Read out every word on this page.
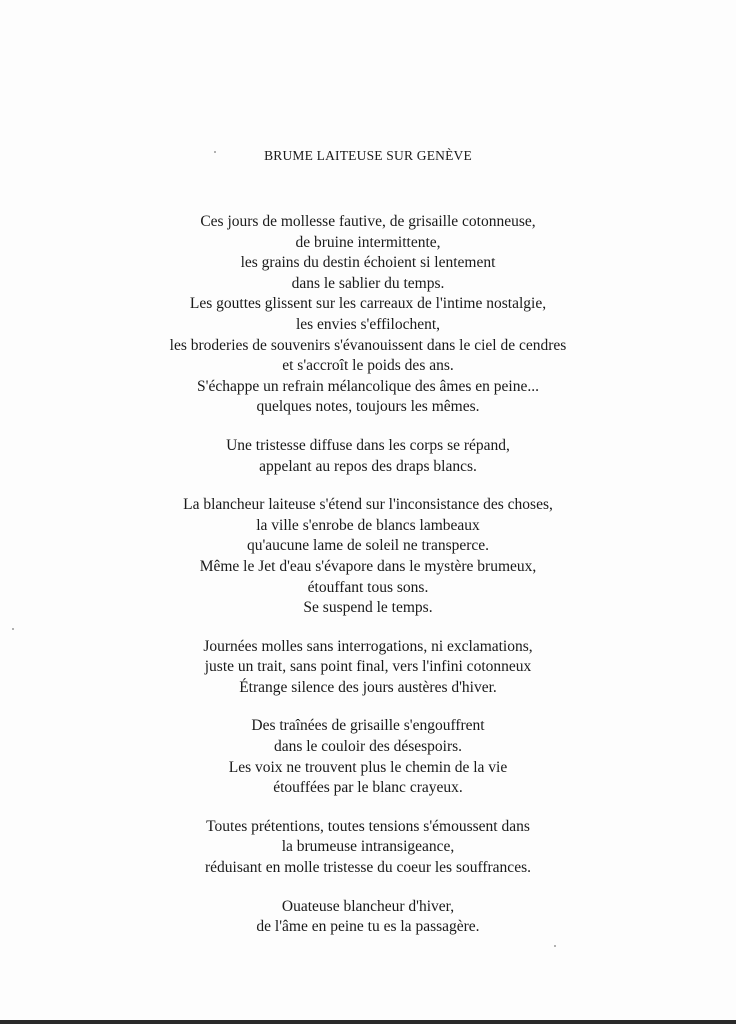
BRUME LAITEUSE SUR GENÈVE
Ces jours de mollesse fautive, de grisaille cotonneuse,
de bruine intermittente,
les grains du destin échoient si lentement
dans le sablier du temps.
Les gouttes glissent sur les carreaux de l'intime nostalgie,
les envies s'effilochent,
les broderies de souvenirs s'évanouissent dans le ciel de cendres
et s'accroît le poids des ans.
S'échappe un refrain mélancolique des âmes en peine...
quelques notes, toujours les mêmes.
Une tristesse diffuse dans les corps se répand,
appelant au repos des draps blancs.
La blancheur laiteuse s'étend sur l'inconsistance des choses,
la ville s'enrobe de blancs lambeaux
qu'aucune lame de soleil ne transperce.
Même le Jet d'eau s'évapore dans le mystère brumeux,
étouffant tous sons.
Se suspend le temps.
Journées molles sans interrogations, ni exclamations,
juste un trait, sans point final, vers l'infini cotonneux
Étrange silence des jours austères d'hiver.
Des traînées de grisaille s'engouffrent
dans le couloir des désespoirs.
Les voix ne trouvent plus le chemin de la vie
étouffées par le blanc crayeux.
Toutes prétentions, toutes tensions s'émoussent dans
la brumeuse intransigeance,
réduisant en molle tristesse du coeur les souffrances.
Ouateuse blancheur d'hiver,
de l'âme en peine tu es la passagère.
